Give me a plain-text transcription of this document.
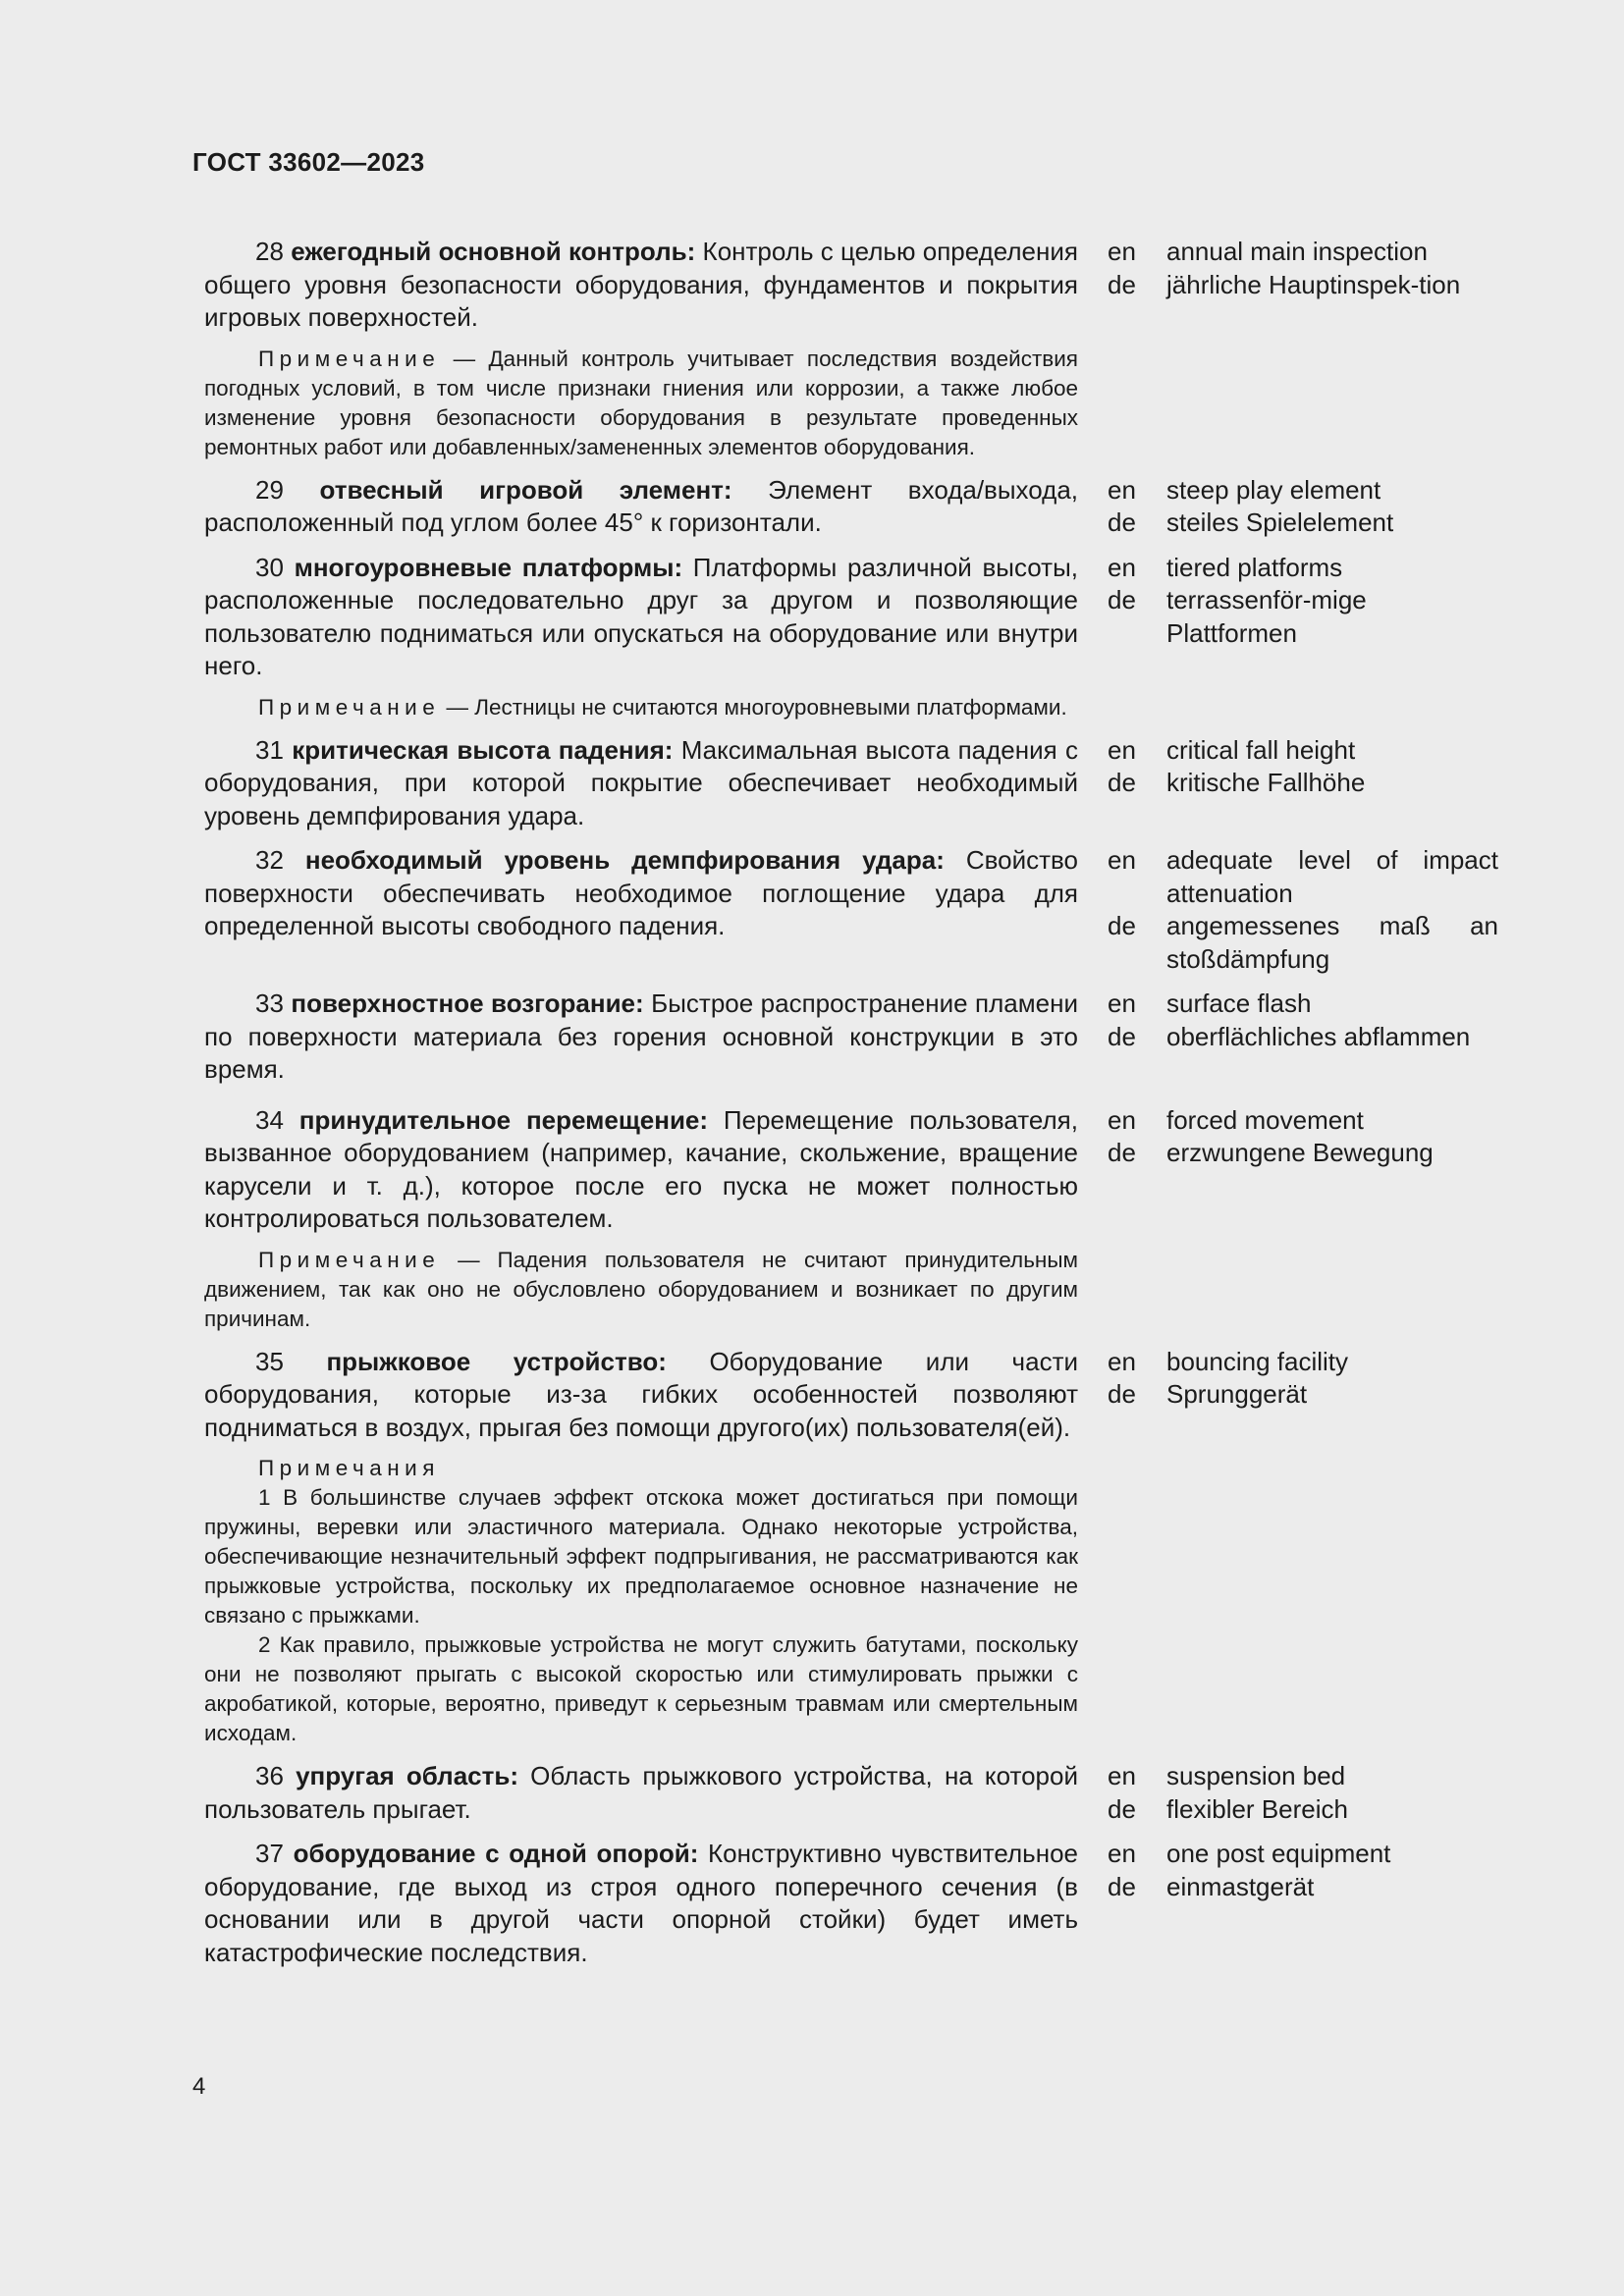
ГОСТ 33602—2023
28 ежегодный основной контроль: Контроль с целью определения общего уровня безопасности оборудования, фундаментов и покрытия игровых поверхностей.
en
de
annual main inspection
jährliche Hauptinspek-tion
Примечание — Данный контроль учитывает последствия воздействия погодных условий, в том числе признаки гниения или коррозии, а также любое изменение уровня безопасности оборудования в результате проведенных ремонтных работ или добавленных/замененных элементов оборудования.
29 отвесный игровой элемент: Элемент входа/выхода, расположенный под углом более 45° к горизонтали.
en
de
steep play element
steiles Spielelement
30 многоуровневые платформы: Платформы различной высоты, расположенные последовательно друг за другом и позволяющие пользователю подниматься или опускаться на оборудование или внутри него.
en
de
tiered platforms
terrassenför-mige Plattformen
Примечание — Лестницы не считаются многоуровневыми платформами.
31 критическая высота падения: Максимальная высота падения с оборудования, при которой покрытие обеспечивает необходимый уровень демпфирования удара.
en
de
critical fall height
kritische Fallhöhe
32 необходимый уровень демпфирования удара: Свойство поверхности обеспечивать необходимое поглощение удара для определенной высоты свободного падения.
en
de
adequate level of impact attenuation
angemessenes maß an stoßdämpfung
33 поверхностное возгорание: Быстрое распространение пламени по поверхности материала без горения основной конструкции в это время.
en
de
surface flash
oberflächliches abflammen
34 принудительное перемещение: Перемещение пользователя, вызванное оборудованием (например, качание, скольжение, вращение карусели и т. д.), которое после его пуска не может полностью контролироваться пользователем.
en
de
forced movement
erzwungene Bewegung
Примечание — Падения пользователя не считают принудительным движением, так как оно не обусловлено оборудованием и возникает по другим причинам.
35 прыжковое устройство: Оборудование или части оборудования, которые из-за гибких особенностей позволяют подниматься в воздух, прыгая без помощи другого(их) пользователя(ей).
en
de
bouncing facility
Sprunggerät
Примечания
1 В большинстве случаев эффект отскока может достигаться при помощи пружины, веревки или эластичного материала. Однако некоторые устройства, обеспечивающие незначительный эффект подпрыгивания, не рассматриваются как прыжковые устройства, поскольку их предполагаемое основное назначение не связано с прыжками.
2 Как правило, прыжковые устройства не могут служить батутами, поскольку они не позволяют прыгать с высокой скоростью или стимулировать прыжки с акробатикой, которые, вероятно, приведут к серьезным травмам или смертельным исходам.
36 упругая область: Область прыжкового устройства, на которой пользователь прыгает.
en
de
suspension bed
flexibler Bereich
37 оборудование с одной опорой: Конструктивно чувствительное оборудование, где выход из строя одного поперечного сечения (в основании или в другой части опорной стойки) будет иметь катастрофические последствия.
en
de
one post equipment
einmastgerät
4
